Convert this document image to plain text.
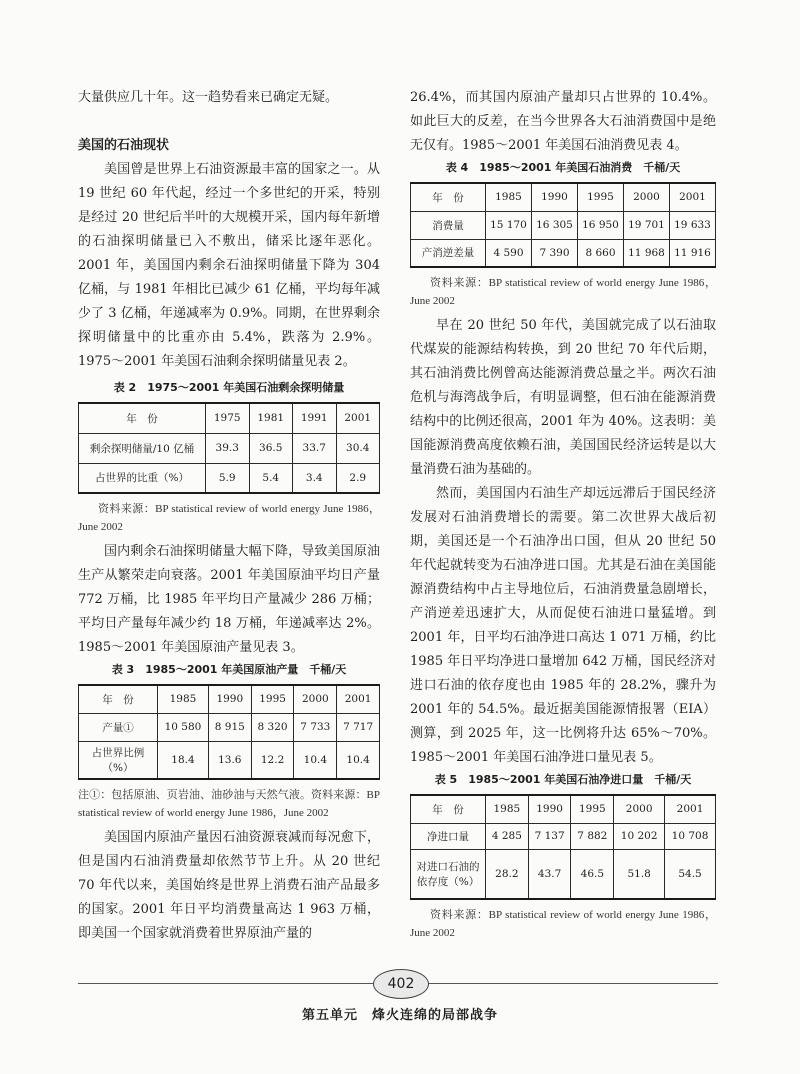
大量供应几十年。这一趋势看来已确定无疑。

美国的石油现状

美国曾是世界上石油资源最丰富的国家之一。从 19 世纪 60 年代起，经过一个多世纪的开采，特别是经过 20 世纪后半叶的大规模开采，国内每年新增的石油探明储量已入不敷出，储采比逐年恶化。2001 年，美国国内剩余石油探明储量下降为 304 亿桶，与 1981 年相比已减少 61 亿桶，平均每年减少了 3 亿桶，年递减率为 0.9%。同期，在世界剩余探明储量中的比重亦由 5.4%，跌落为 2.9%。1975～2001 年美国石油剩余探明储量见表 2。

表 2　1975～2001 年美国石油剩余探明储量
年　份	1975	1981	1991	2001
剩余探明储量/10 亿桶	39.3	36.5	33.7	30.4
占世界的比重（%）	5.9	5.4	3.4	2.9
资料来源：BP statistical review of world energy June 1986，June 2002

国内剩余石油探明储量大幅下降，导致美国原油生产从繁荣走向衰落。2001 年美国原油平均日产量 772 万桶，比 1985 年平均日产量减少 286 万桶；平均日产量每年减少约 18 万桶，年递减率达 2%。1985～2001 年美国原油产量见表 3。

表 3　1985～2001 年美国原油产量　千桶/天
年　份	1985	1990	1995	2000	2001
产量①	10 580	8 915	8 320	7 733	7 717
占世界比例（%）	18.4	13.6	12.2	10.4	10.4
注①：包括原油、页岩油、油砂油与天然气液。资料来源：BP statistical review of world energy June 1986，June 2002

美国国内原油产量因石油资源衰减而每况愈下，但是国内石油消费量却依然节节上升。从 20 世纪 70 年代以来，美国始终是世界上消费石油产品最多的国家。2001 年日平均消费量高达 1 963 万桶，即美国一个国家就消费着世界原油产量的

26.4%，而其国内原油产量却只占世界的 10.4%。如此巨大的反差，在当今世界各大石油消费国中是绝无仅有。1985～2001 年美国石油消费见表 4。

表 4　1985～2001 年美国石油消费　千桶/天
年　份	1985	1990	1995	2000	2001
消费量	15 170	16 305	16 950	19 701	19 633
产消逆差量	4 590	7 390	8 660	11 968	11 916
资料来源：BP statistical review of world energy June 1986，June 2002

早在 20 世纪 50 年代，美国就完成了以石油取代煤炭的能源结构转换，到 20 世纪 70 年代后期，其石油消费比例曾高达能源消费总量之半。两次石油危机与海湾战争后，有明显调整，但石油在能源消费结构中的比例还很高，2001 年为 40%。这表明：美国能源消费高度依赖石油，美国国民经济运转是以大量消费石油为基础的。

然而，美国国内石油生产却远远滞后于国民经济发展对石油消费增长的需要。第二次世界大战后初期，美国还是一个石油净出口国，但从 20 世纪 50 年代起就转变为石油净进口国。尤其是石油在美国能源消费结构中占主导地位后，石油消费量急剧增长，产消逆差迅速扩大，从而促使石油进口量猛增。到 2001 年，日平均石油净进口高达 1 071 万桶，约比 1985 年日平均净进口量增加 642 万桶，国民经济对进口石油的依存度也由 1985 年的 28.2%，骤升为 2001 年的 54.5%。最近据美国能源情报署（EIA）测算，到 2025 年，这一比例将升达 65%～70%。1985～2001 年美国石油净进口量见表 5。

表 5　1985～2001 年美国石油净进口量　千桶/天
年　份	1985	1990	1995	2000	2001
净进口量	4 285	7 137	7 882	10 202	10 708
对进口石油的依存度（%）	28.2	43.7	46.5	51.8	54.5
资料来源：BP statistical review of world energy June 1986，June 2002
402
第五单元　烽火连绵的局部战争
